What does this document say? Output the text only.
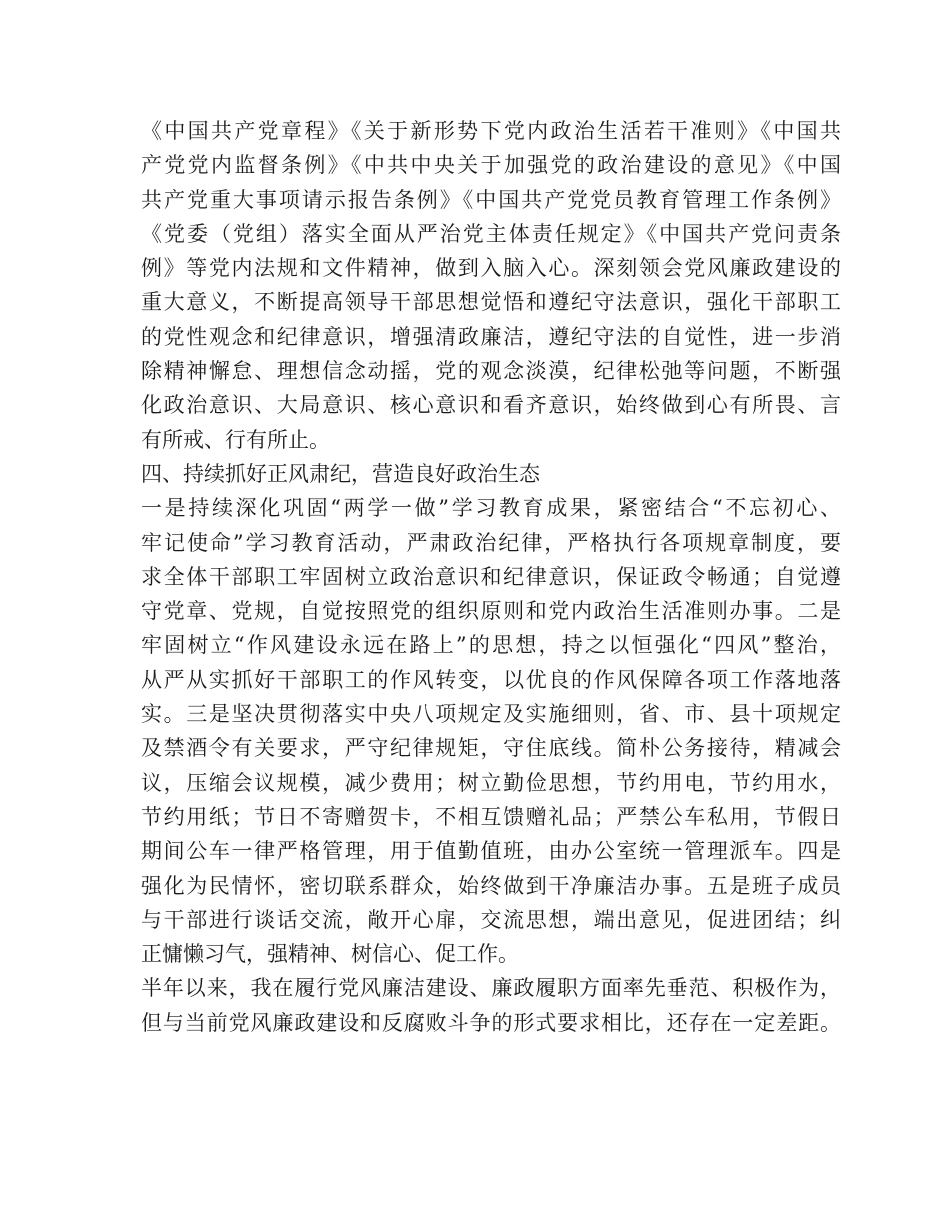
《中国共产党章程》《关于新形势下党内政治生活若干准则》《中国共
产党党内监督条例》《中共中央关于加强党的政治建设的意见》《中国
共产党重大事项请示报告条例》《中国共产党党员教育管理工作条例》
《党委（党组）落实全面从严治党主体责任规定》《中国共产党问责条
例》等党内法规和文件精神，做到入脑入心。深刻领会党风廉政建设的
重大意义，不断提高领导干部思想觉悟和遵纪守法意识，强化干部职工
的党性观念和纪律意识，增强清政廉洁，遵纪守法的自觉性，进一步消
除精神懈怠、理想信念动摇，党的观念淡漠，纪律松弛等问题，不断强
化政治意识、大局意识、核心意识和看齐意识，始终做到心有所畏、言
有所戒、行有所止。
四、持续抓好正风肃纪，营造良好政治生态
一是持续深化巩固“两学一做”学习教育成果，紧密结合“不忘初心、
牢记使命”学习教育活动，严肃政治纪律，严格执行各项规章制度，要
求全体干部职工牢固树立政治意识和纪律意识，保证政令畅通；自觉遵
守党章、党规，自觉按照党的组织原则和党内政治生活准则办事。二是
牢固树立“作风建设永远在路上”的思想，持之以恒强化“四风”整治，
从严从实抓好干部职工的作风转变，以优良的作风保障各项工作落地落
实。三是坚决贯彻落实中央八项规定及实施细则，省、市、县十项规定
及禁酒令有关要求，严守纪律规矩，守住底线。简朴公务接待，精减会
议，压缩会议规模，减少费用；树立勤俭思想，节约用电，节约用水，
节约用纸；节日不寄赠贺卡，不相互馈赠礼品；严禁公车私用，节假日
期间公车一律严格管理，用于值勤值班，由办公室统一管理派车。四是
强化为民情怀，密切联系群众，始终做到干净廉洁办事。五是班子成员
与干部进行谈话交流，敞开心扉，交流思想，端出意见，促进团结；纠
正慵懒习气，强精神、树信心、促工作。
半年以来，我在履行党风廉洁建设、廉政履职方面率先垂范、积极作为，
但与当前党风廉政建设和反腐败斗争的形式要求相比，还存在一定差距。
